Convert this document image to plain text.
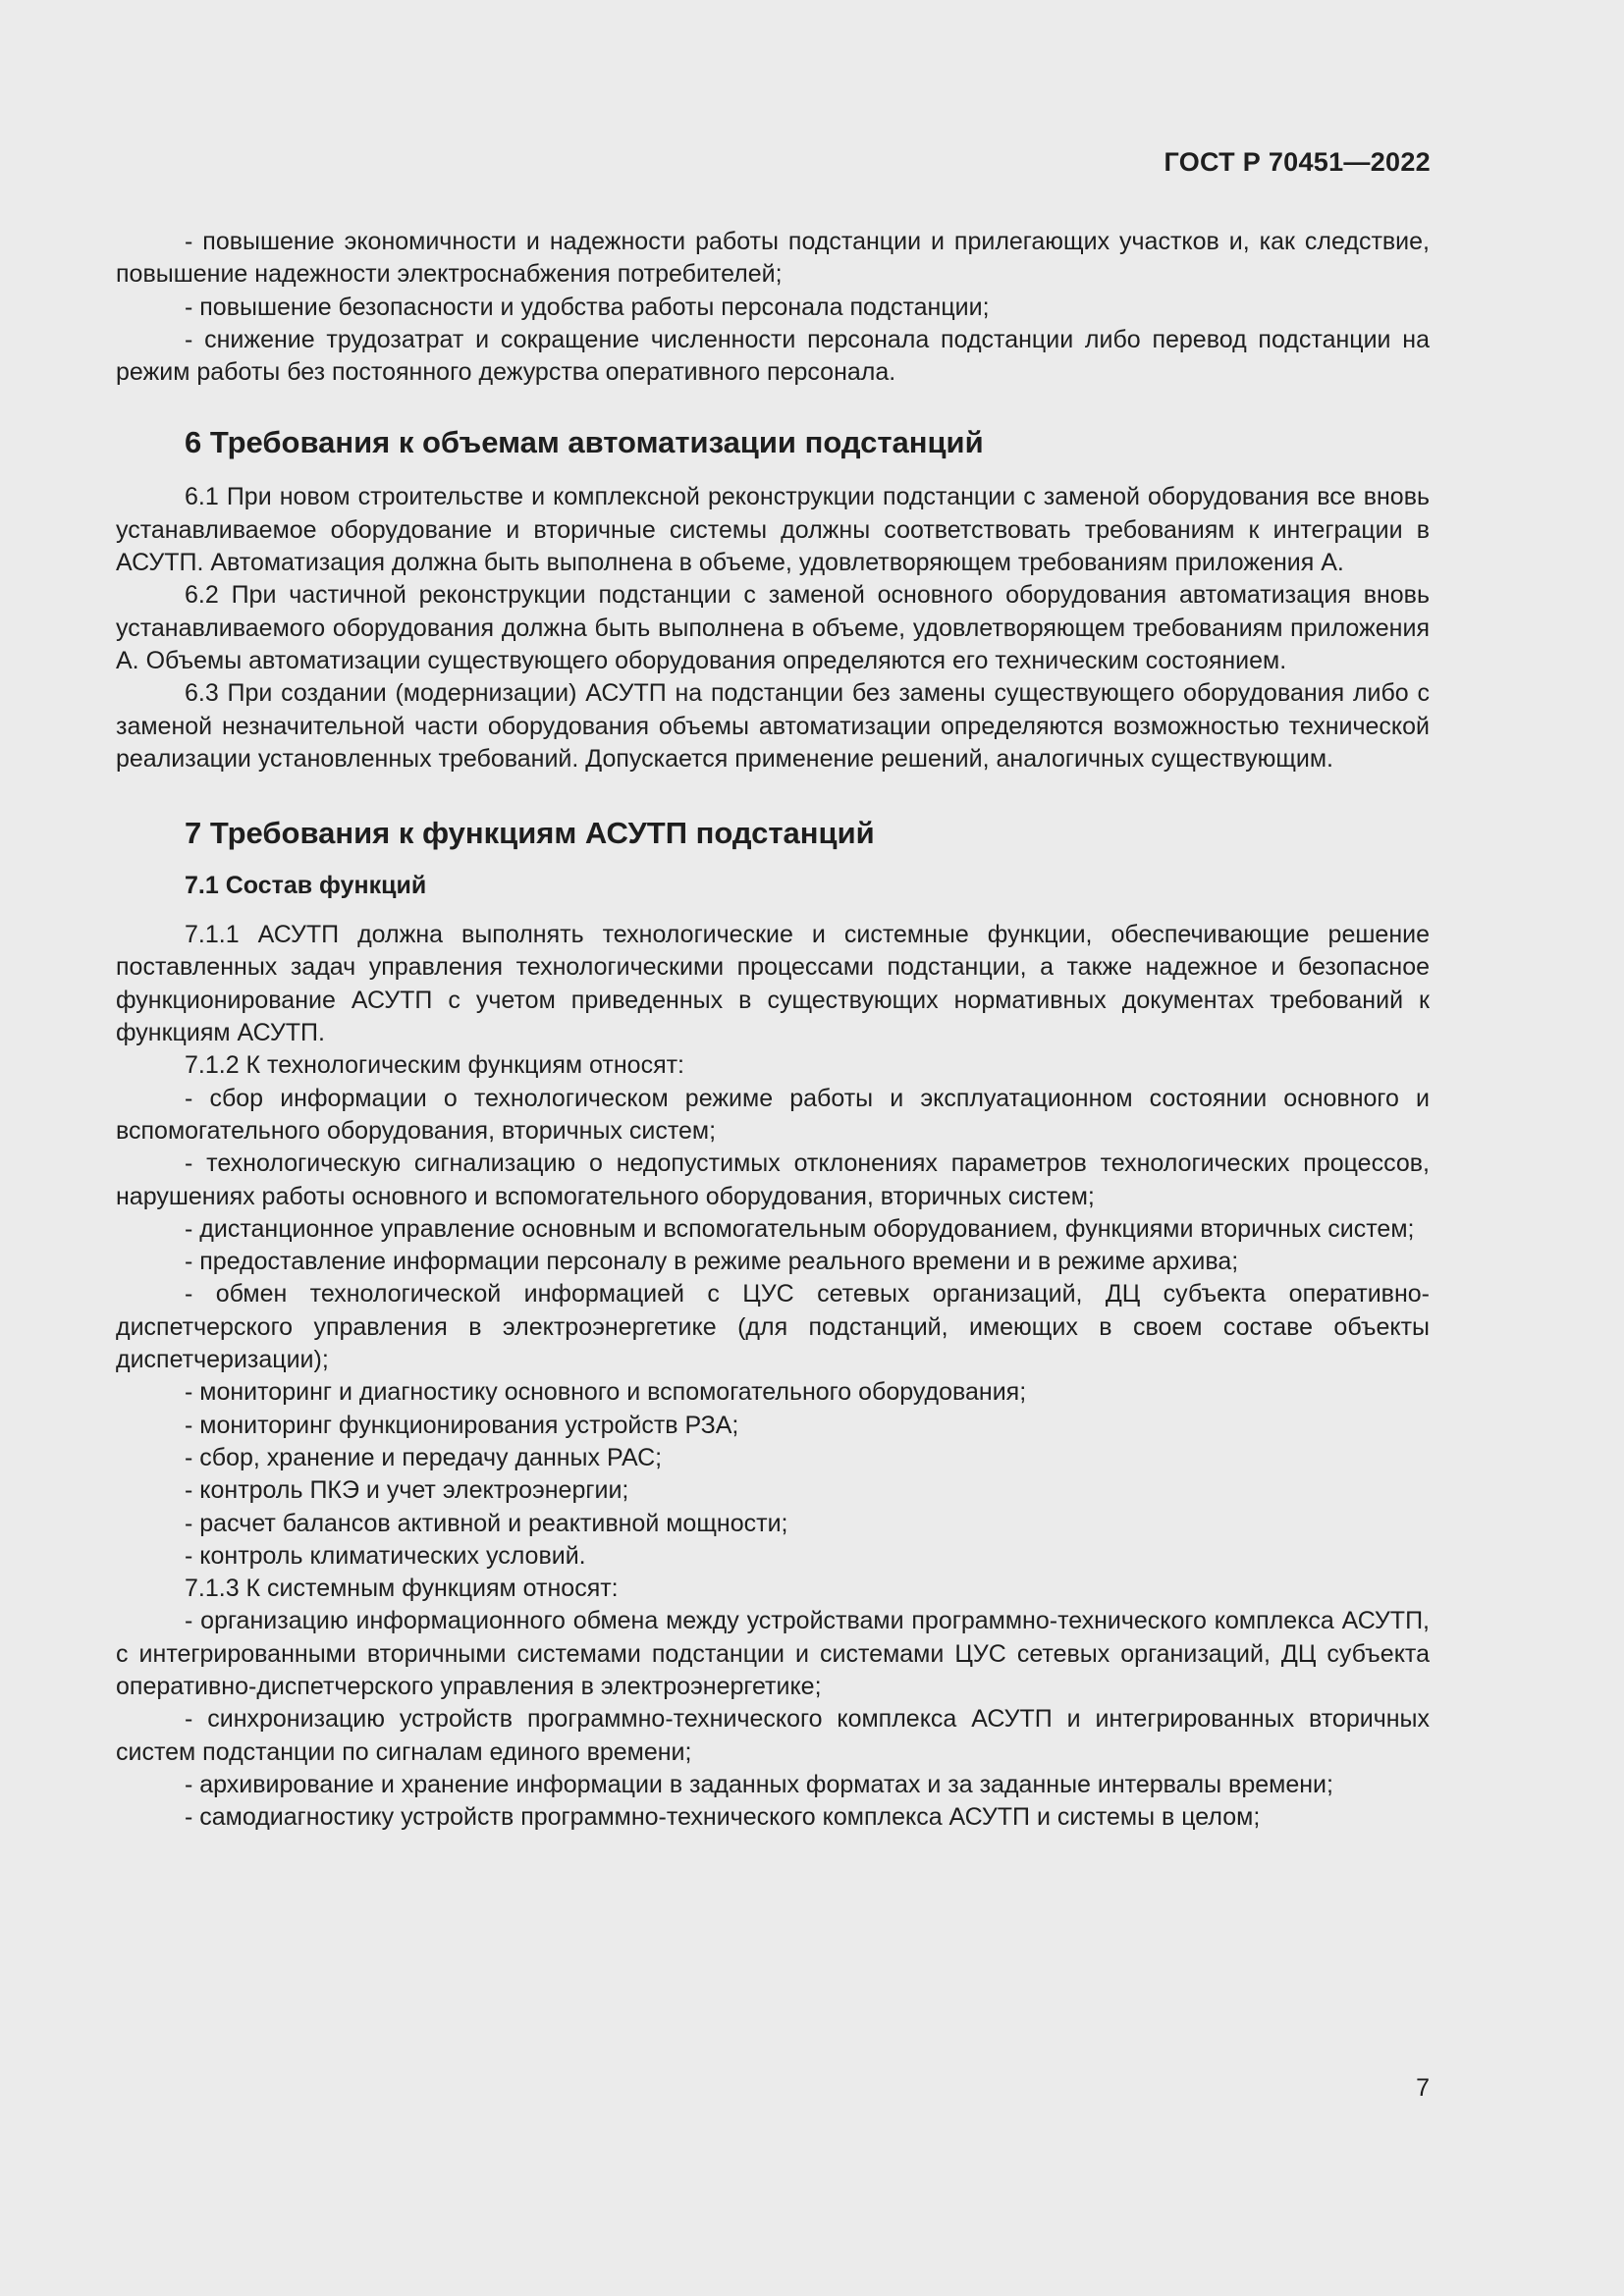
ГОСТ Р 70451—2022

- повышение экономичности и надежности работы подстанции и прилегающих участков и, как следствие, повышение надежности электроснабжения потребителей;

- повышение безопасности и удобства работы персонала подстанции;

- снижение трудозатрат и сокращение численности персонала подстанции либо перевод подстанции на режим работы без постоянного дежурства оперативного персонала.

6 Требования к объемам автоматизации подстанций

6.1 При новом строительстве и комплексной реконструкции подстанции с заменой оборудования все вновь устанавливаемое оборудование и вторичные системы должны соответствовать требованиям к интеграции в АСУТП. Автоматизация должна быть выполнена в объеме, удовлетворяющем требованиям приложения А.

6.2 При частичной реконструкции подстанции с заменой основного оборудования автоматизация вновь устанавливаемого оборудования должна быть выполнена в объеме, удовлетворяющем требованиям приложения А. Объемы автоматизации существующего оборудования определяются его техническим состоянием.

6.3 При создании (модернизации) АСУТП на подстанции без замены существующего оборудования либо с заменой незначительной части оборудования объемы автоматизации определяются возможностью технической реализации установленных требований. Допускается применение решений, аналогичных существующим.

7 Требования к функциям АСУТП подстанций
7.1 Состав функций

7.1.1 АСУТП должна выполнять технологические и системные функции, обеспечивающие решение поставленных задач управления технологическими процессами подстанции, а также надежное и безопасное функционирование АСУТП с учетом приведенных в существующих нормативных документах требований к функциям АСУТП.

7.1.2 К технологическим функциям относят:

- сбор информации о технологическом режиме работы и эксплуатационном состоянии основного и вспомогательного оборудования, вторичных систем;

- технологическую сигнализацию о недопустимых отклонениях параметров технологических процессов, нарушениях работы основного и вспомогательного оборудования, вторичных систем;

- дистанционное управление основным и вспомогательным оборудованием, функциями вторичных систем;

- предоставление информации персоналу в режиме реального времени и в режиме архива;

- обмен технологической информацией с ЦУС сетевых организаций, ДЦ субъекта оперативно-диспетчерского управления в электроэнергетике (для подстанций, имеющих в своем составе объекты диспетчеризации);

- мониторинг и диагностику основного и вспомогательного оборудования;

- мониторинг функционирования устройств РЗА;

- сбор, хранение и передачу данных РАС;

- контроль ПКЭ и учет электроэнергии;

- расчет балансов активной и реактивной мощности;

- контроль климатических условий.

7.1.3 К системным функциям относят:

- организацию информационного обмена между устройствами программно-технического комплекса АСУТП, с интегрированными вторичными системами подстанции и системами ЦУС сетевых организаций, ДЦ субъекта оперативно-диспетчерского управления в электроэнергетике;

- синхронизацию устройств программно-технического комплекса АСУТП и интегрированных вторичных систем подстанции по сигналам единого времени;

- архивирование и хранение информации в заданных форматах и за заданные интервалы времени;

- самодиагностику устройств программно-технического комплекса АСУТП и системы в целом;

7
